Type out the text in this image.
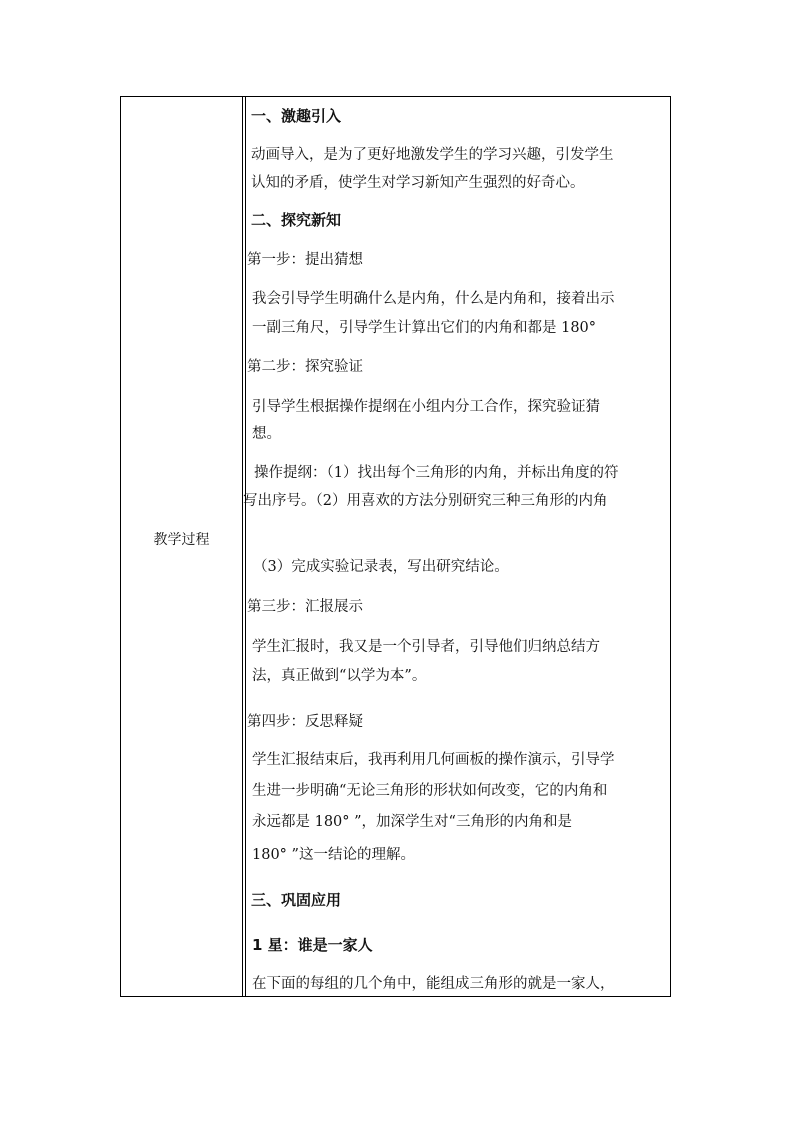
教学过程
一、激趣引入
动画导入，是为了更好地激发学生的学习兴趣，引发学生
认知的矛盾，使学生对学习新知产生强烈的好奇心。
二、探究新知
第一步：提出猜想
我会引导学生明确什么是内角，什么是内角和，接着出示
一副三角尺，引导学生计算出它们的内角和都是 180°
第二步：探究验证
引导学生根据操作提纲在小组内分工合作，探究验证猜
想。
操作提纲：（1）找出每个三角形的内角，并标出角度的符
写出序号。（2）用喜欢的方法分别研究三种三角形的内角
（3）完成实验记录表，写出研究结论。
第三步：汇报展示
学生汇报时，我又是一个引导者，引导他们归纳总结方
法，真正做到“以学为本”。
第四步：反思释疑
学生汇报结束后，我再利用几何画板的操作演示，引导学
生进一步明确“无论三角形的形状如何改变，它的内角和
永远都是 180° ”，加深学生对“三角形的内角和是
180° ”这一结论的理解。
三、巩固应用
1 星：谁是一家人
在下面的每组的几个角中，能组成三角形的就是一家人，
